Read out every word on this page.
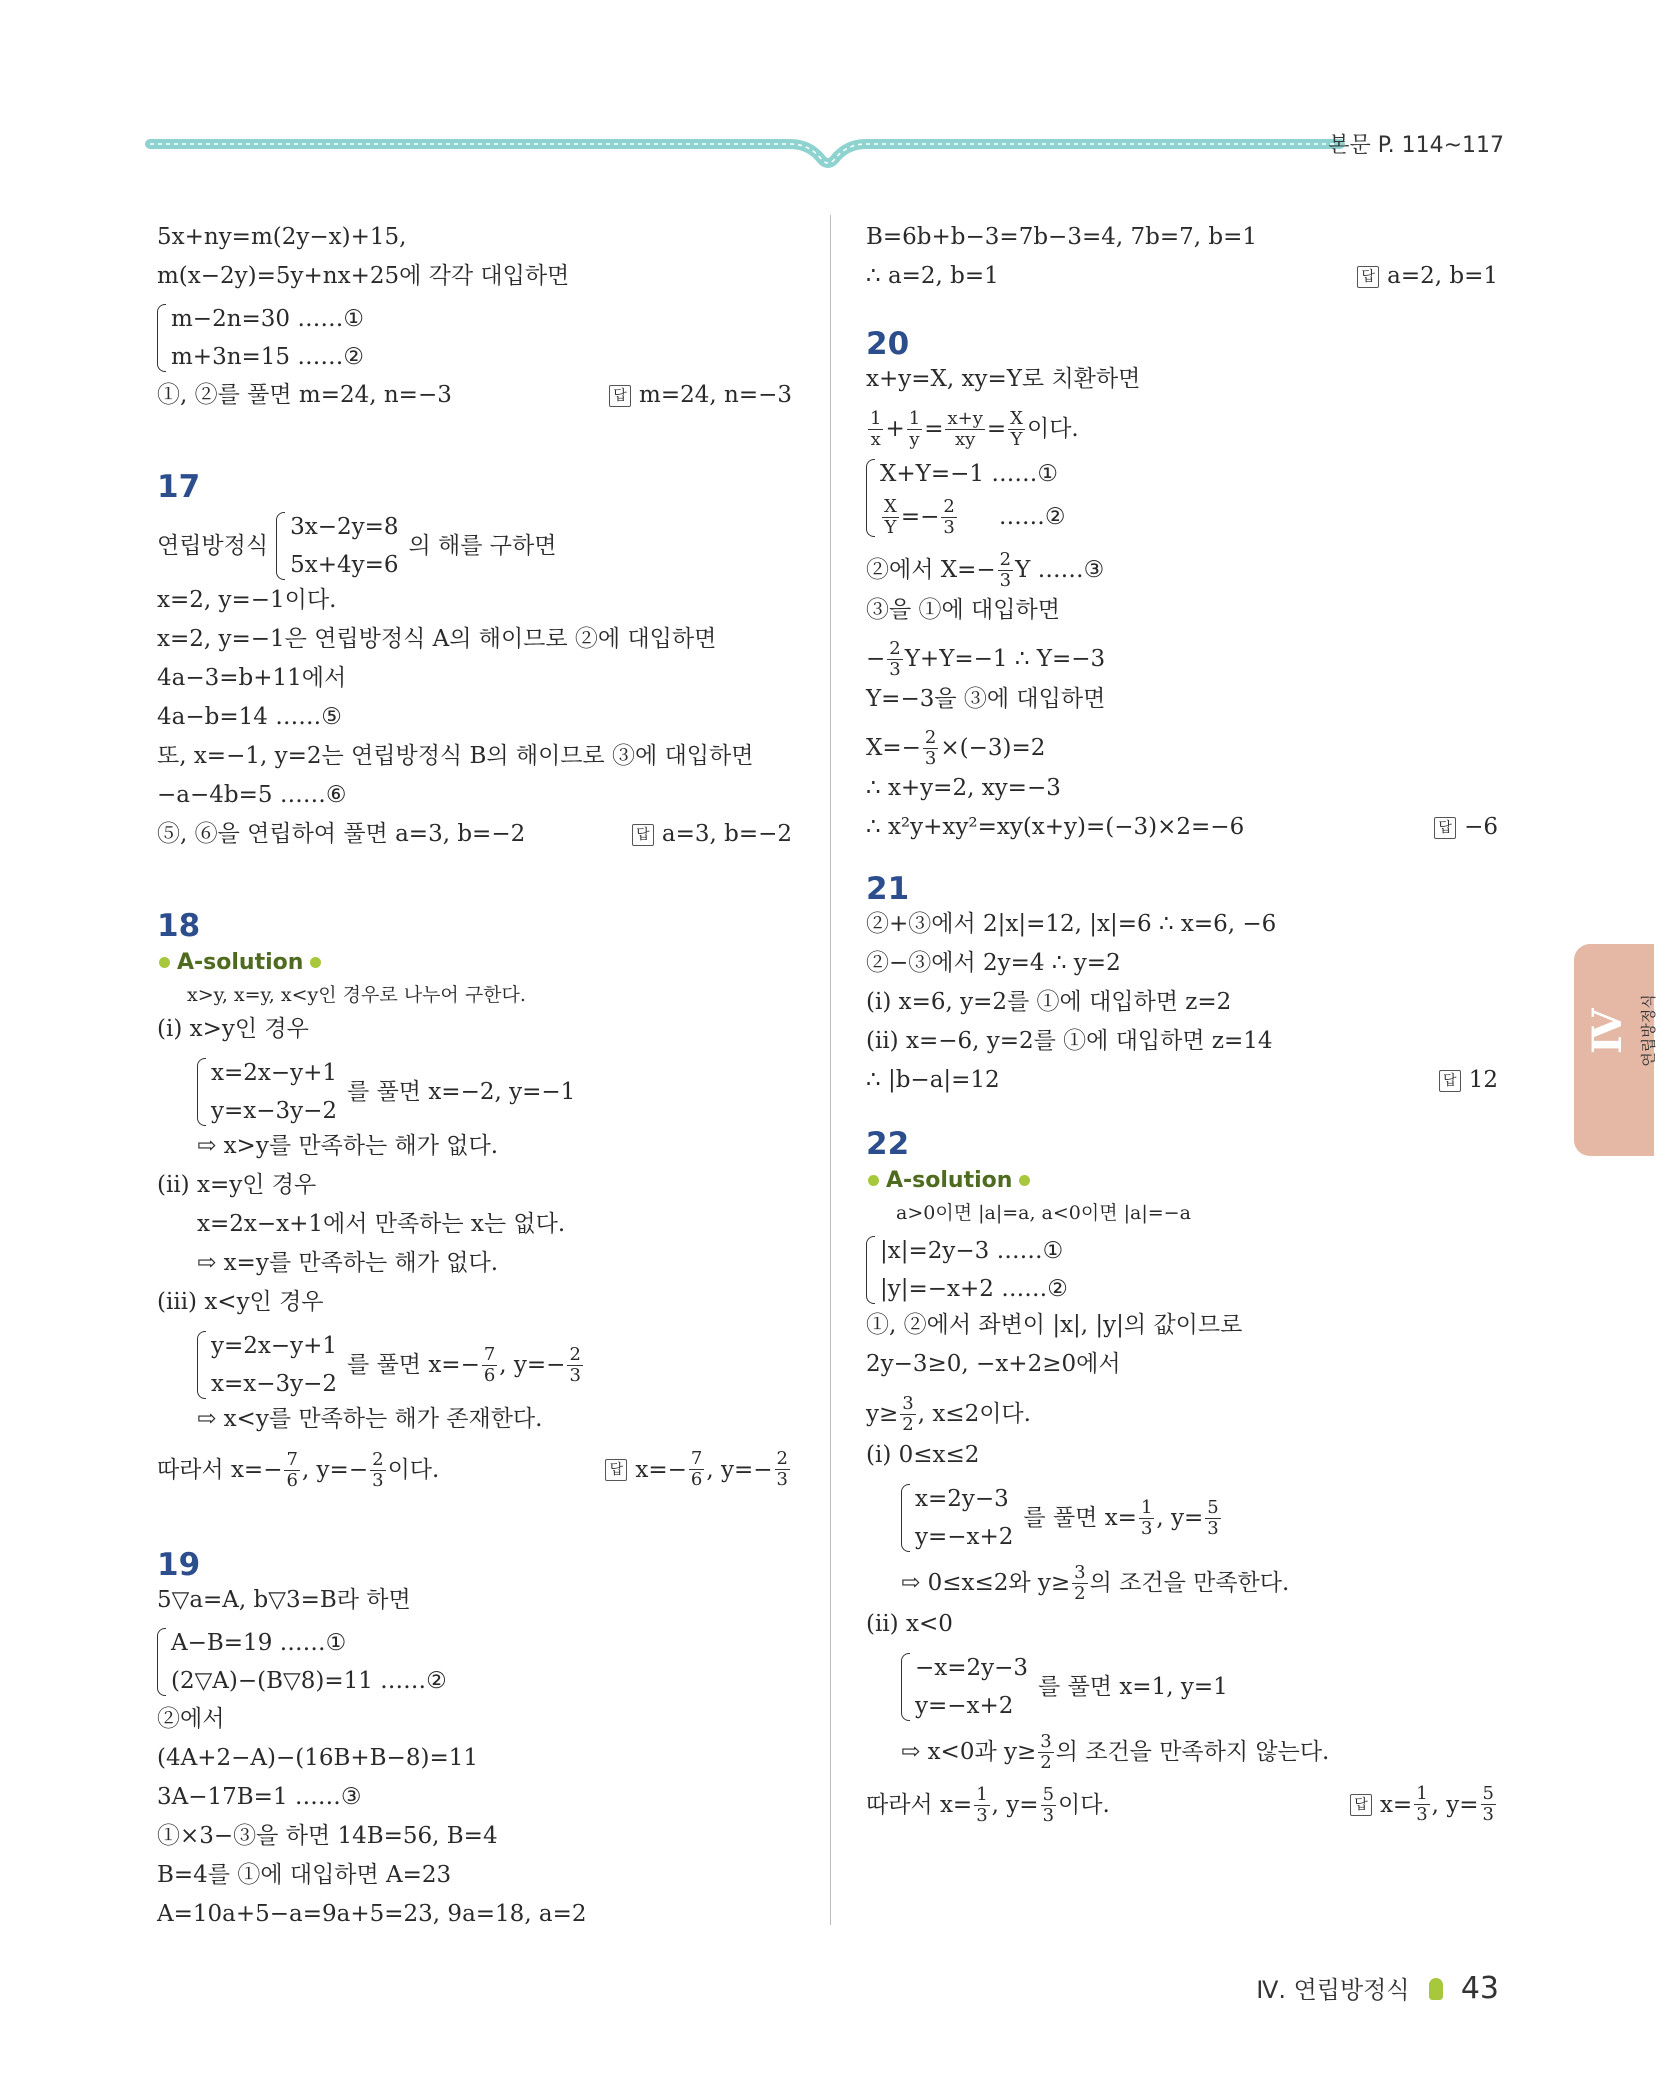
본문 P. 114~117
5x+ny=m(2y−x)+15,
m(x−2y)=5y+nx+25에 각각 대입하면
m−2n=30 ……①
m+3n=15 ……②
①, ②를 풀면 m=24, n=−3	답 m=24, n=−3
17
연립방정식
3x−2y=8
5x+4y=6
의 해를 구하면
x=2, y=−1이다.
x=2, y=−1은 연립방정식 A의 해이므로 ②에 대입하면
4a−3=b+11에서
4a−b=14 ……⑤
또, x=−1, y=2는 연립방정식 B의 해이므로 ③에 대입하면
−a−4b=5 ……⑥
⑤, ⑥을 연립하여 풀면 a=3, b=−2	답 a=3, b=−2
18
A-solution
x>y, x=y, x<y인 경우로 나누어 구한다.
(ⅰ) x>y인 경우
x=2x−y+1
y=x−3y−2
를 풀면 x=−2, y=−1
⇨ x>y를 만족하는 해가 없다.
(ⅱ) x=y인 경우
x=2x−x+1에서 만족하는 x는 없다.
⇨ x=y를 만족하는 해가 없다.
(ⅲ) x<y인 경우
y=2x−y+1
x=x−3y−2
를 풀면 $x=- \frac{7}{6}$ , $y=- \frac{2}{3}$
⇨ x<y를 만족하는 해가 존재한다.
따라서 $x=- \frac{7}{6}$ , $y=- \frac{2}{3}$ 이다.	답 $x=- \frac{7}{6}$ , $y=- \frac{2}{3}$
19
5▽a=A, b▽3=B라 하면
A−B=19 ……①
(2▽A)−(B▽8)=11 ……②
②에서
(4A+2−A)−(16B+B−8)=11
3A−17B=1 ……③
①×3−③을 하면 14B=56, B=4
B=4를 ①에 대입하면 A=23
A=10a+5−a=9a+5=23, 9a=18, a=2
B=6b+b−3=7b−3=4, 7b=7, b=1
∴ a=2, b=1	답 a=2, b=1
20
x+y=X, xy=Y로 치환하면
$\frac{1}{x} + \frac{1}{y} = \frac{x+y}{xy} = \frac{X}{Y}$ 이다.
X+Y=−1 ……①
$\frac{X}{Y} =- \frac{2}{3}$ ……②
②에서 $X=- \frac{2}{3}$ Y ……③
③을 ①에 대입하면
− $\frac{2}{3} Y+Y=-1$ ∴ Y=−3
Y=−3을 ③에 대입하면
$X=- \frac{2}{3} \times(-3)=2$
∴ x+y=2, xy=−3
∴ x²y+xy²=xy(x+y)=(−3)×2=−6	답 −6
21
②+③에서 2|x|=12, |x|=6 ∴ x=6, −6
②−③에서 2y=4 ∴ y=2
(ⅰ) x=6, y=2를 ①에 대입하면 z=2
(ⅱ) x=−6, y=2를 ①에 대입하면 z=14
∴ |b−a|=12	답 12
22
A-solution
a>0이면 |a|=a, a<0이면 |a|=−a
|x|=2y−3 ……①
|y|=−x+2 ……②
①, ②에서 좌변이 |x|, |y|의 값이므로
2y−3≥0, −x+2≥0에서
$y\ge \frac{3}{2}$ , x≤2이다.
(ⅰ) 0≤x≤2
x=2y−3
y=−x+2
를 풀면 $x= \frac{1}{3}$ , $y= \frac{5}{3}$
⇨ 0≤x≤2와 $y\ge \frac{3}{2}$ 의 조건을 만족한다.
(ⅱ) x<0
−x=2y−3
y=−x+2
를 풀면 x=1, y=1
⇨ x<0과 $y\ge \frac{3}{2}$ 의 조건을 만족하지 않는다.
따라서 $x= \frac{1}{3}$ , $y= \frac{5}{3}$ 이다.	답 $x= \frac{1}{3}$ , $y= \frac{5}{3}$
Ⅳ 연립방정식
Ⅳ. 연립방정식 43
